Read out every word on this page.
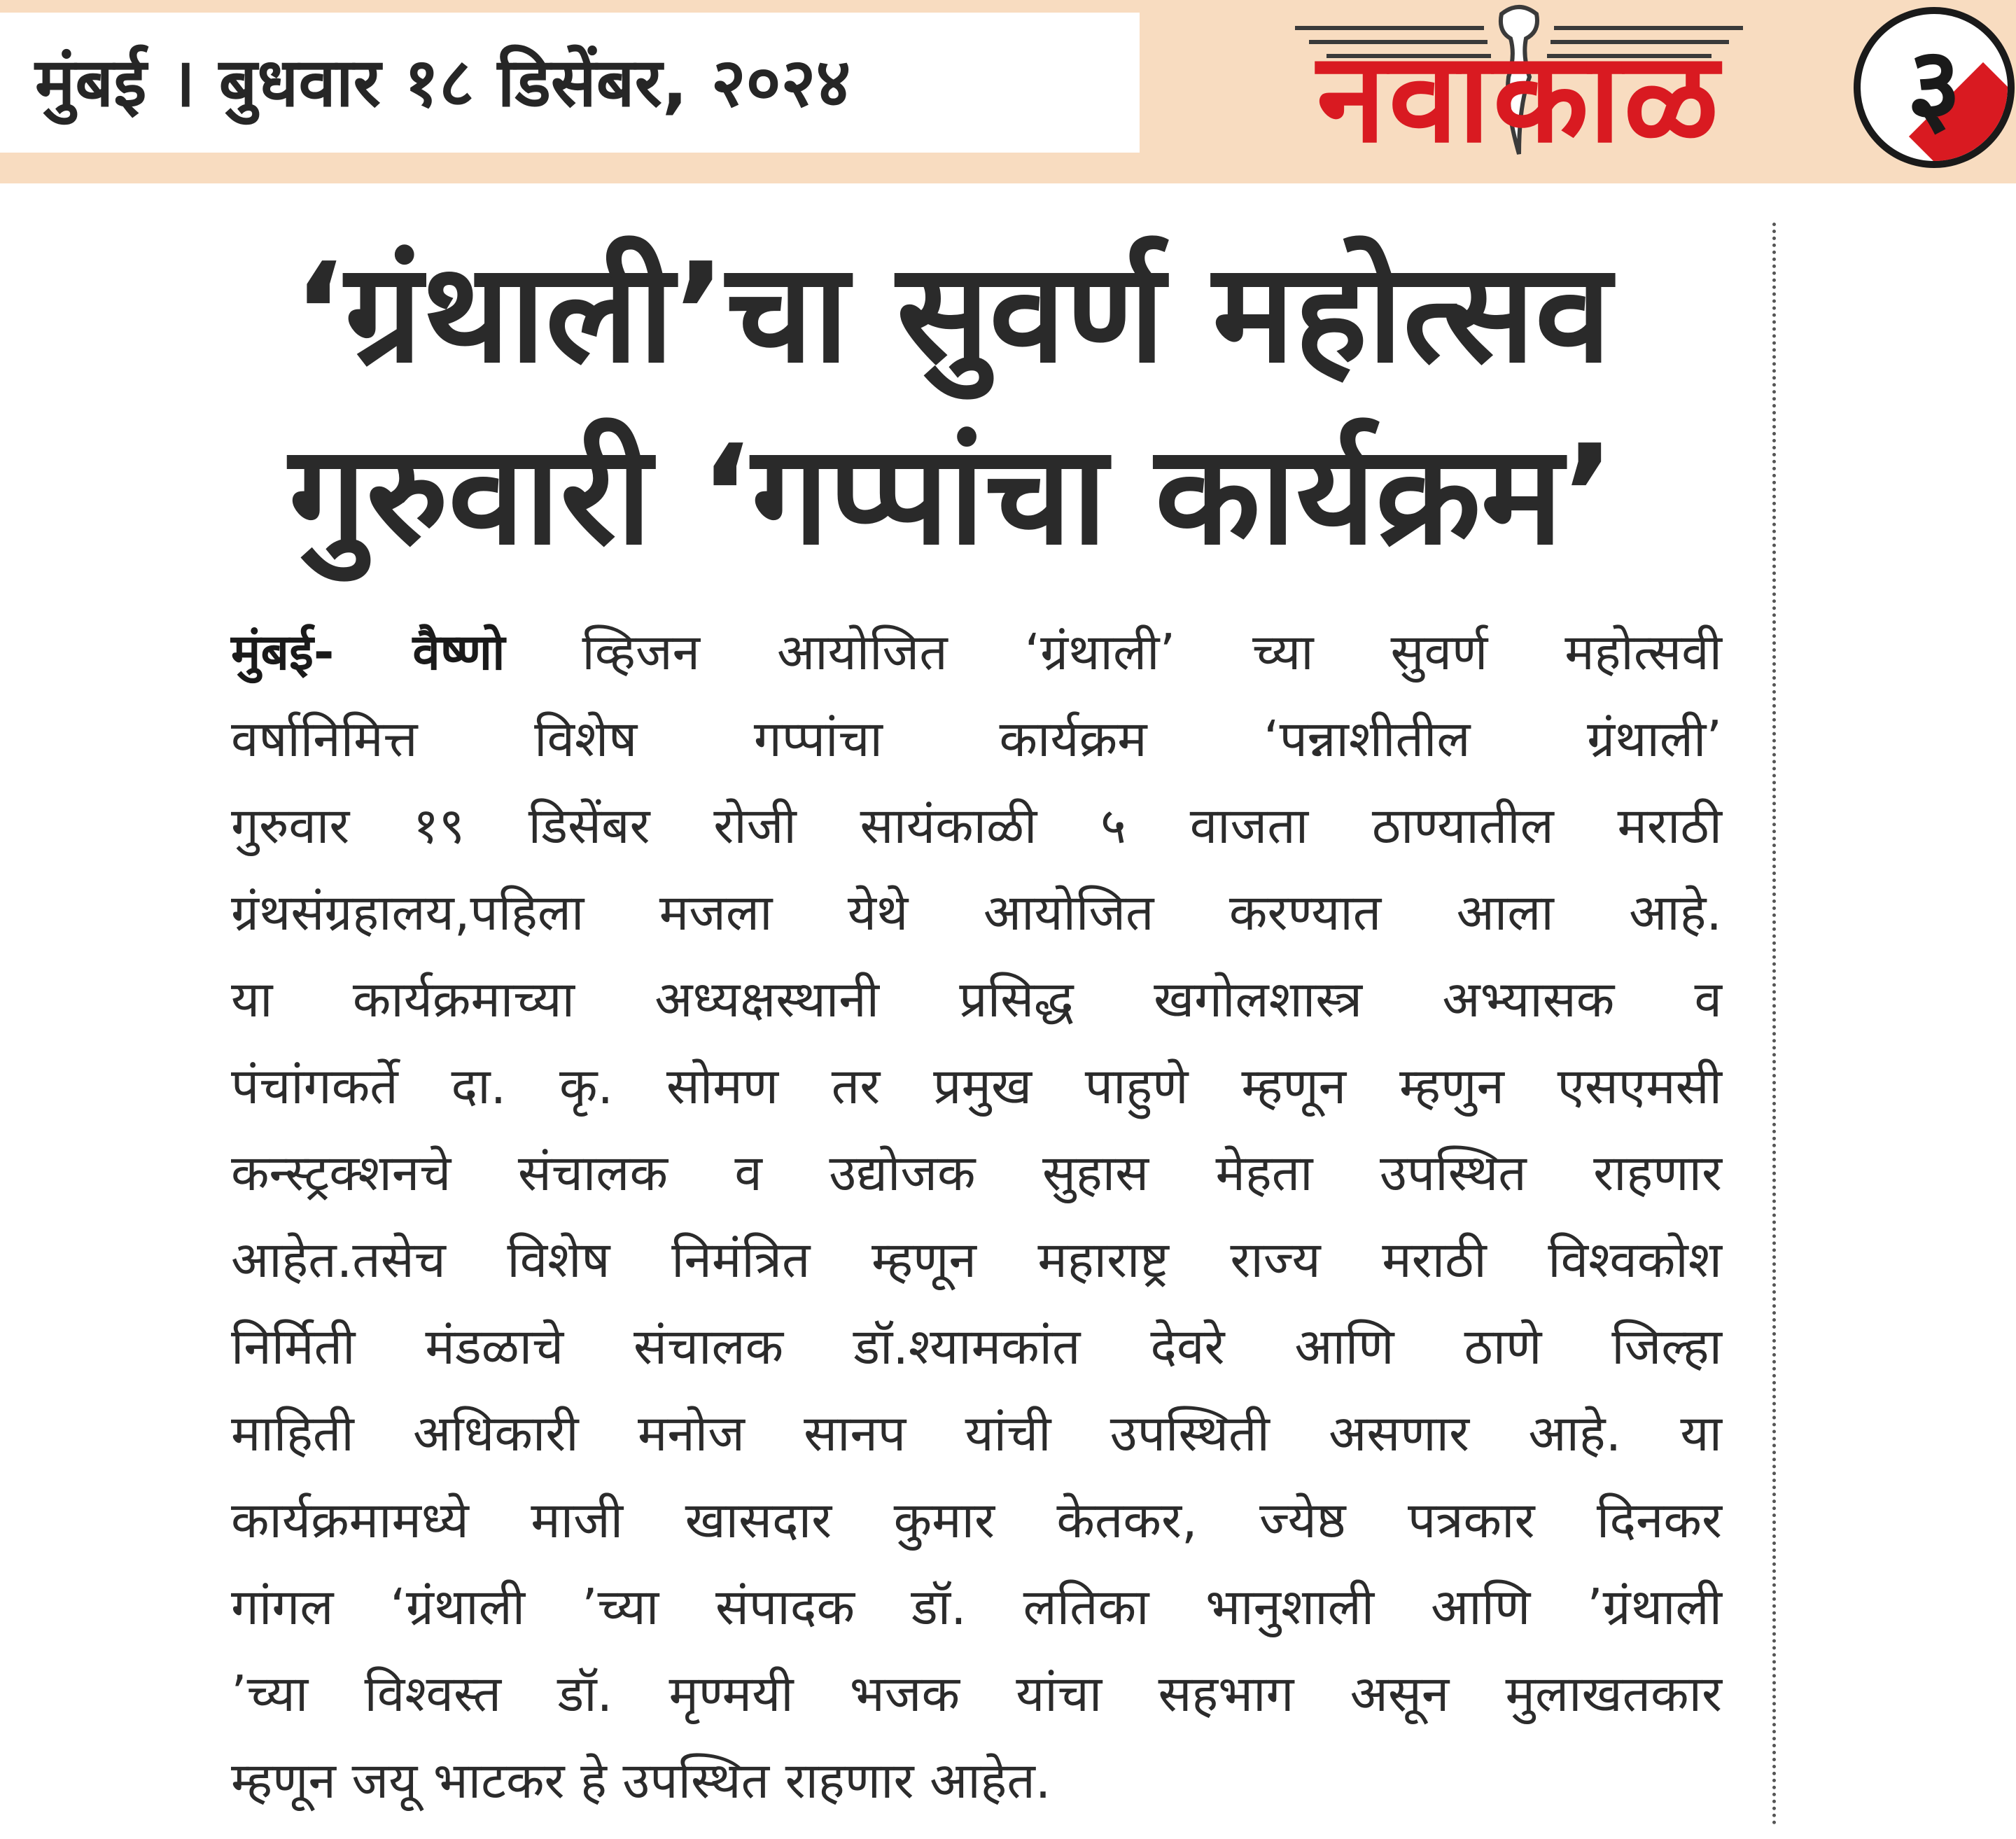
मुंबई । बुधवार १८ डिसेंबर, २०२४	नवाकाळ	३
‘ग्रंथाली’चा सुवर्ण महोत्सव
गुरुवारी ‘गप्पांचा कार्यक्रम’
मुंबई- वैष्णो व्हिजन आयोजित ‘ग्रंथाली’ च्या सुवर्ण महोत्सवी
वर्षानिमित्त विशेष गप्पांचा कार्यक्रम ‘पन्नाशीतील ग्रंथाली’
गुरुवार १९ डिसेंबर रोजी सायंकाळी ५ वाजता ठाण्यातील मराठी
ग्रंथसंग्रहालय,पहिला मजला येथे आयोजित करण्यात आला आहे.
या कार्यक्रमाच्या अध्यक्षस्थानी प्रसिद्ध खगोलशास्त्र अभ्यासक व
पंचांगकर्ते दा. कृ. सोमण तर प्रमुख पाहुणे म्हणून म्हणुन एसएमसी
कन्स्ट्रक्शनचे संचालक व उद्योजक सुहास मेहता उपस्थित राहणार
आहेत.तसेच विशेष निमंत्रित म्हणून महाराष्ट्र राज्य मराठी विश्वकोश
निर्मिती मंडळाचे संचालक डॉ.श्यामकांत देवरे आणि ठाणे जिल्हा
माहिती अधिकारी मनोज सानप यांची उपस्थिती असणार आहे. या
कार्यक्रमामध्ये माजी खासदार कुमार केतकर, ज्येष्ठ पत्रकार दिनकर
गांगल ‘ग्रंथाली ’च्या संपादक डॉ. लतिका भानुशाली आणि ’ग्रंथाली
’च्या विश्वस्त डॉ. मृण्मयी भजक यांचा सहभाग असून मुलाखतकार
म्हणून जयू भाटकर हे उपस्थित राहणार आहेत.
